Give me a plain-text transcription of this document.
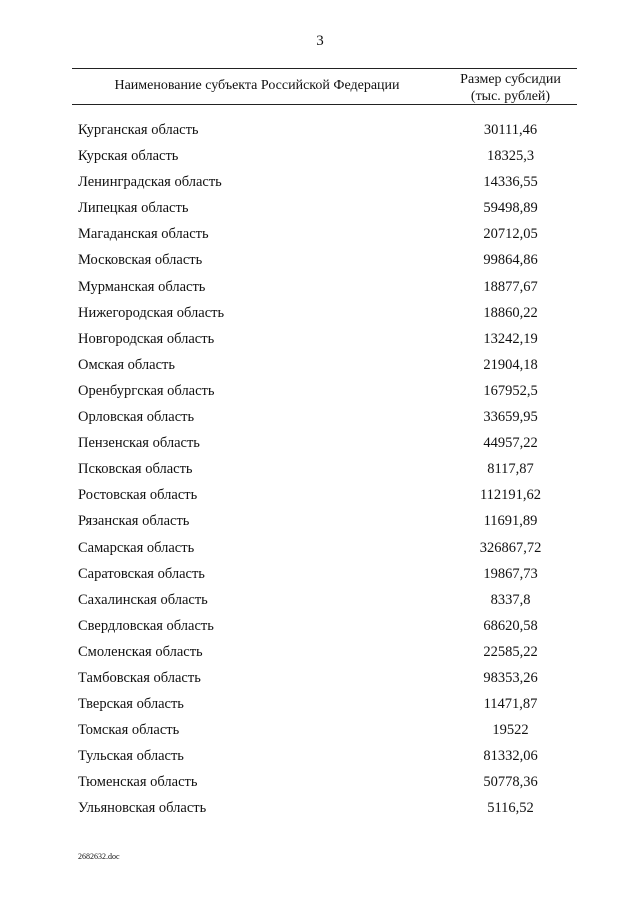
3
Наименование субъекта Российской Федерации	Размер субсидии
(тыс. рублей)
Курганская область	30111,46
Курская область	18325,3
Ленинградская область	14336,55
Липецкая область	59498,89
Магаданская область	20712,05
Московская область	99864,86
Мурманская область	18877,67
Нижегородская область	18860,22
Новгородская область	13242,19
Омская область	21904,18
Оренбургская область	167952,5
Орловская область	33659,95
Пензенская область	44957,22
Псковская область	8117,87
Ростовская область	112191,62
Рязанская область	11691,89
Самарская область	326867,72
Саратовская область	19867,73
Сахалинская область	8337,8
Свердловская область	68620,58
Смоленская область	22585,22
Тамбовская область	98353,26
Тверская область	11471,87
Томская область	19522
Тульская область	81332,06
Тюменская область	50778,36
Ульяновская область	5116,52
2682632.doc
